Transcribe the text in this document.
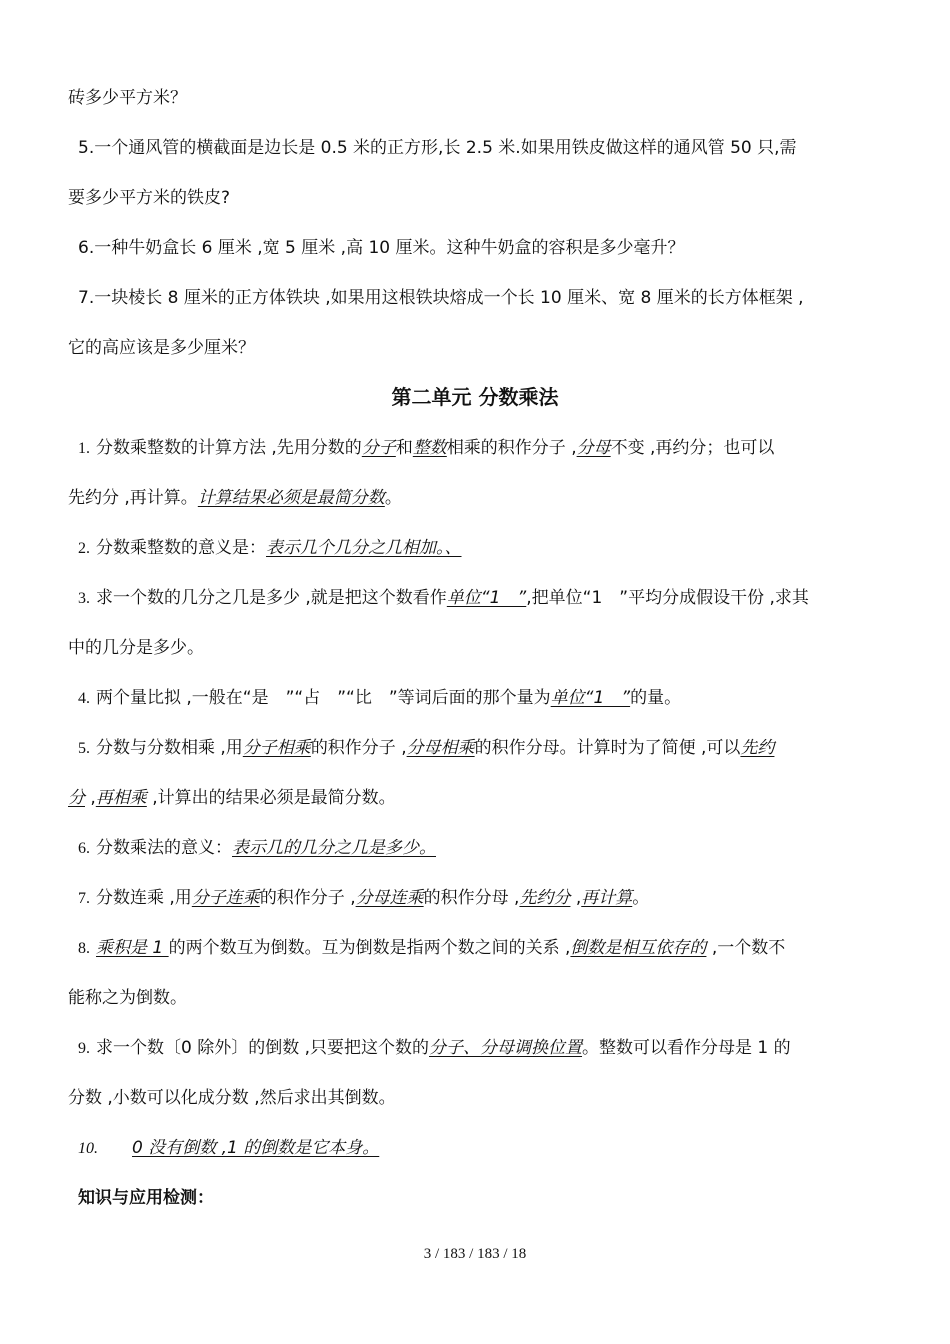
砖多少平方米？
5.一个通风管的横截面是边长是 0.5 米的正方形,长 2.5 米.如果用铁皮做这样的通风管 50 只,需
要多少平方米的铁皮?
6.一种牛奶盒长 6 厘米 ,宽 5 厘米 ,高 10 厘米。这种牛奶盒的容积是多少毫升？
7.一块棱长 8 厘米的正方体铁块 ,如果用这根铁块熔成一个长 10 厘米、宽 8 厘米的长方体框架 ,
它的高应该是多少厘米？
第二单元 分数乘法
1. 分数乘整数的计算方法 ,先用分数的分子和整数相乘的积作分子 ,分母不变 ,再约分；也可以
先约分 ,再计算。计算结果必须是最简分数。
2. 分数乘整数的意义是：表示几个几分之几相加。、
3. 求一个数的几分之几是多少 ,就是把这个数看作单位“1　”,把单位“1　”平均分成假设干份 ,求其
中的几分是多少。
4. 两个量比拟 ,一般在“是　”“占　”“比　”等词后面的那个量为单位“1　”的量。
5. 分数与分数相乘 ,用分子相乘的积作分子 ,分母相乘的积作分母。计算时为了简便 ,可以先约
分 ,再相乘 ,计算出的结果必须是最简分数。
6. 分数乘法的意义：表示几的几分之几是多少。
7. 分数连乘 ,用分子连乘的积作分子 ,分母连乘的积作分母 ,先约分 ,再计算。
8. 乘积是 1 的两个数互为倒数。互为倒数是指两个数之间的关系 ,倒数是相互依存的 ,一个数不
能称之为倒数。
9. 求一个数〔0 除外〕的倒数 ,只要把这个数的分子、分母调换位置。整数可以看作分母是 1 的
分数 ,小数可以化成分数 ,然后求出其倒数。
10. 0 没有倒数 ,1 的倒数是它本身。
知识与应用检测：
3 / 183 / 183 / 18
